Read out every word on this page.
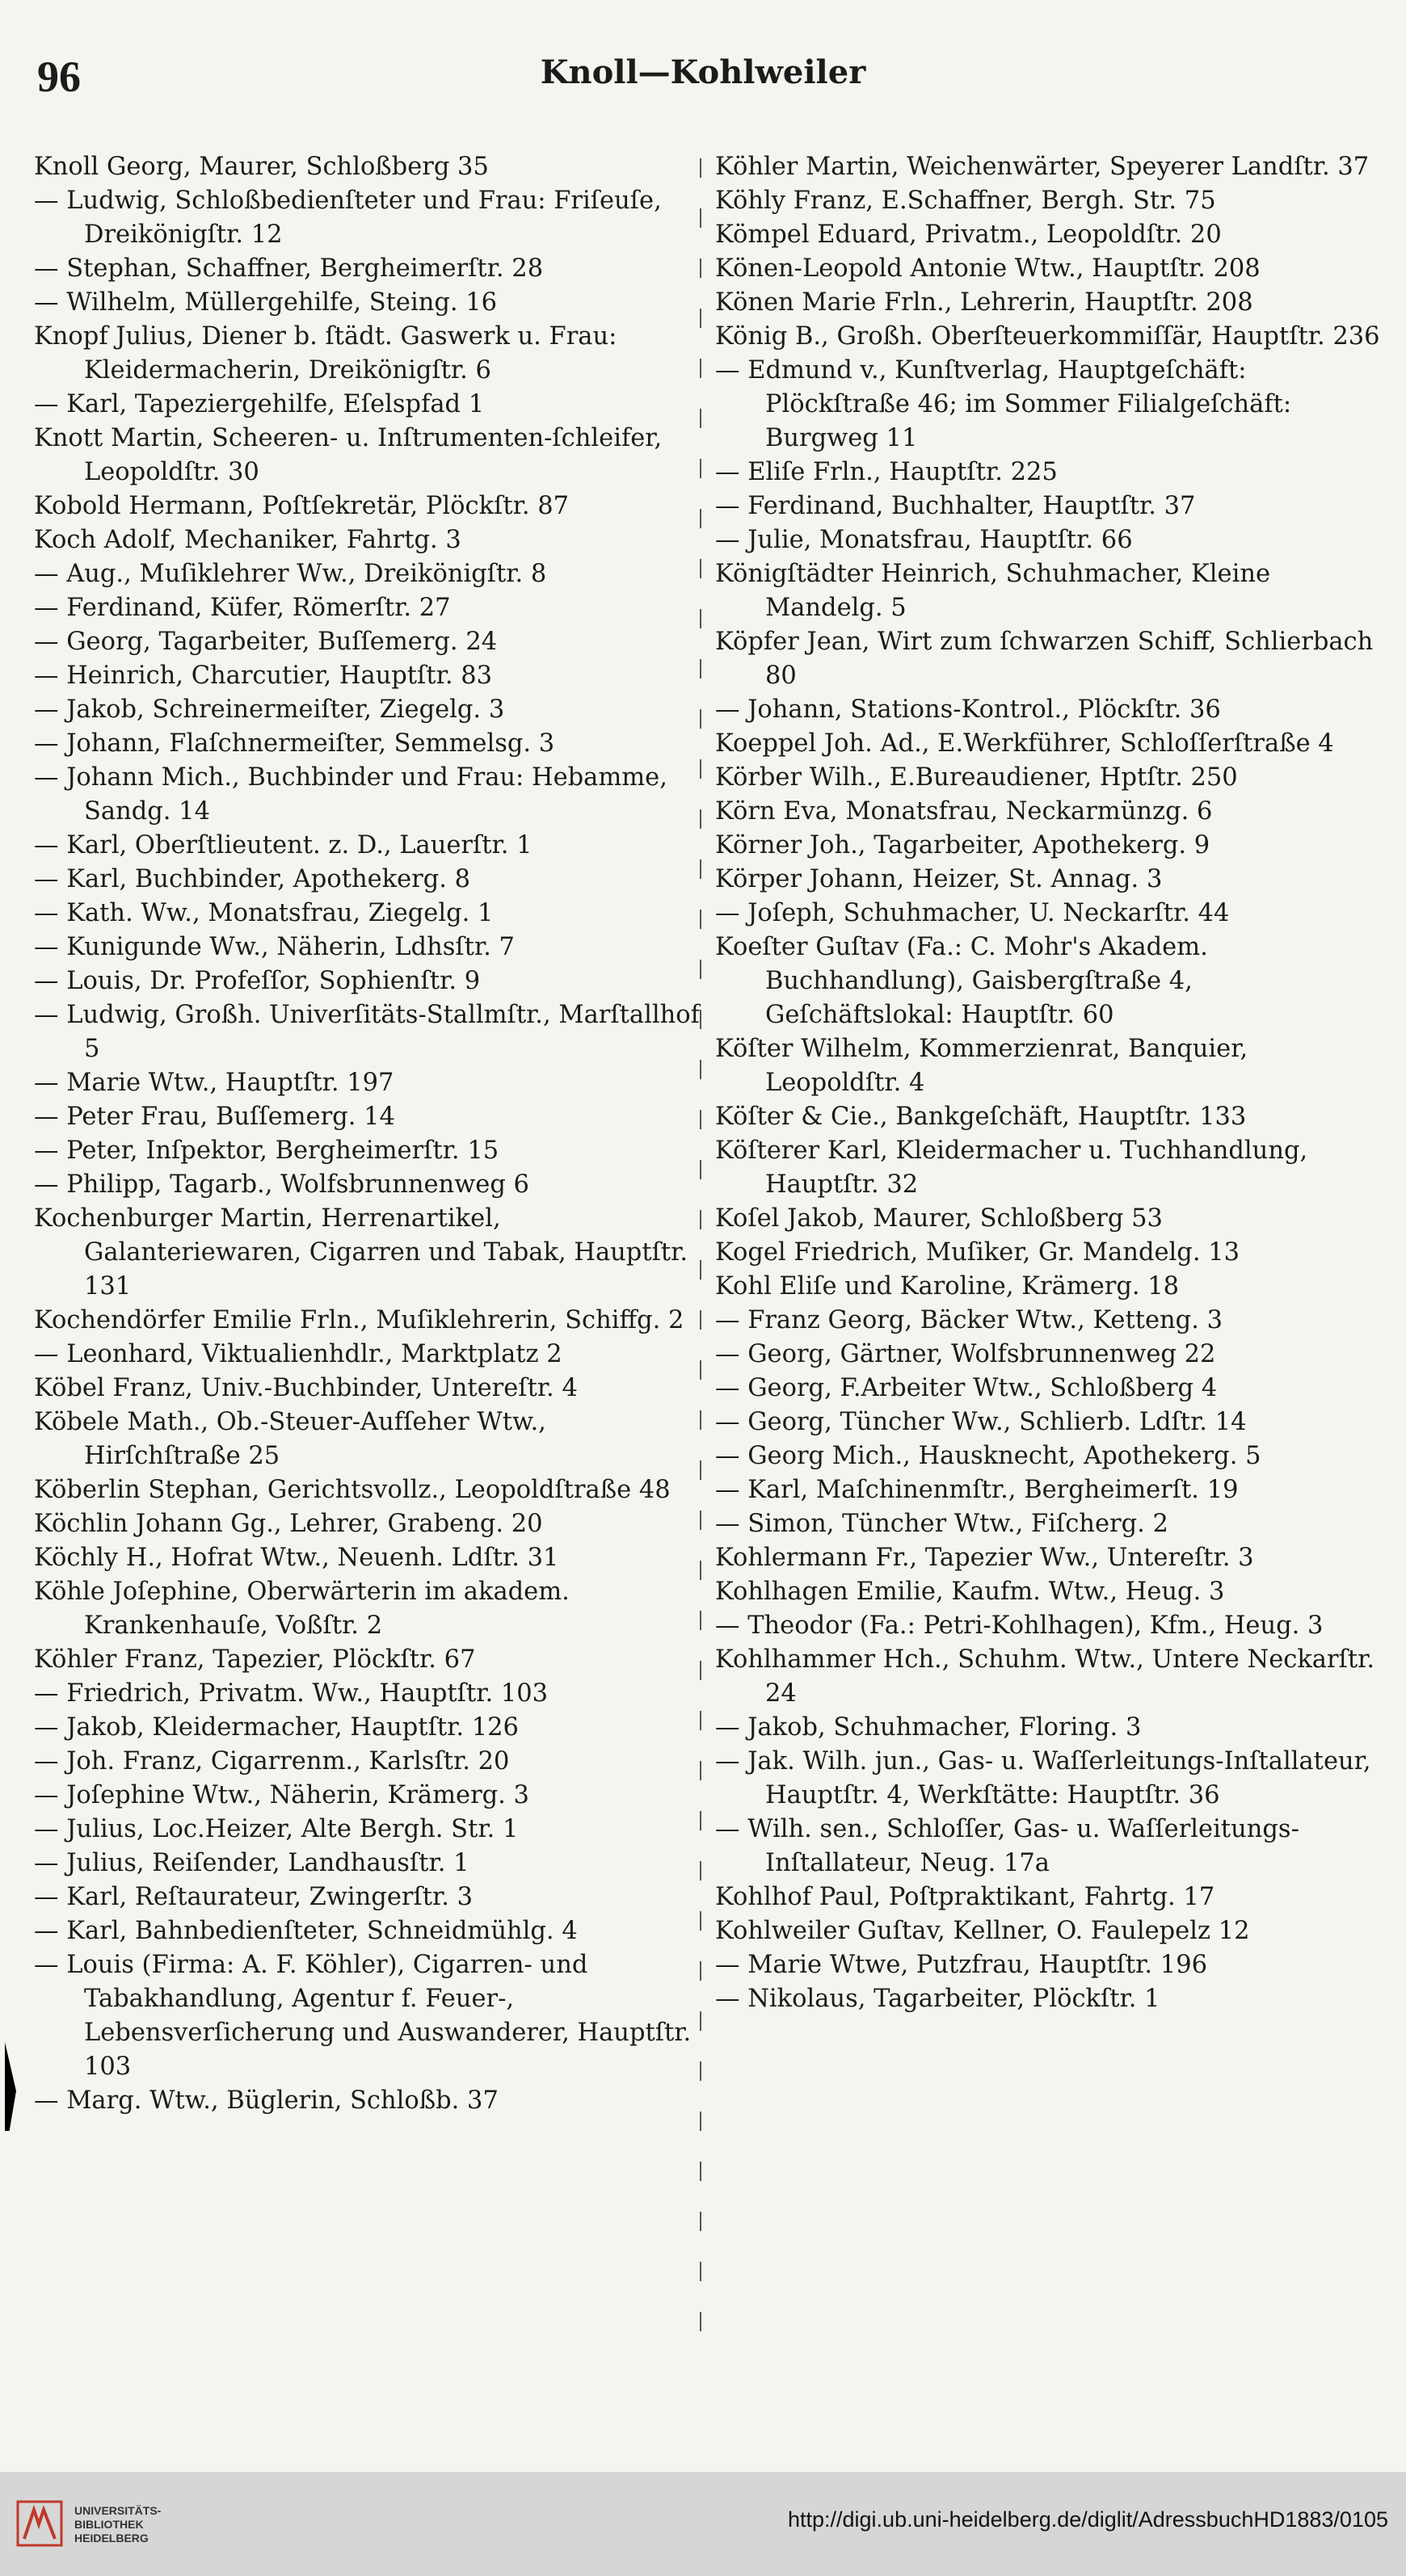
96	Knoll—Kohlweiler

Knoll Georg, Maurer, Schloßberg 35

— Ludwig, Schloßbedienſteter und Frau: Friſeuſe, Dreikönigſtr. 12

— Stephan, Schaffner, Bergheimerſtr. 28

— Wilhelm, Müllergehilfe, Steing. 16

Knopf Julius, Diener b. ſtädt. Gaswerk u. Frau: Kleidermacherin, Dreikönigſtr. 6

— Karl, Tapeziergehilfe, Eſelspfad 1

Knott Martin, Scheeren- u. Inſtrumenten-ſchleifer, Leopoldſtr. 30

Kobold Hermann, Poſtſekretär, Plöckſtr. 87

Koch Adolf, Mechaniker, Fahrtg. 3

— Aug., Muſiklehrer Ww., Dreikönigſtr. 8

— Ferdinand, Küfer, Römerſtr. 27

— Georg, Tagarbeiter, Buſſemerg. 24

— Heinrich, Charcutier, Hauptſtr. 83

— Jakob, Schreinermeiſter, Ziegelg. 3

— Johann, Flaſchnermeiſter, Semmelsg. 3

— Johann Mich., Buchbinder und Frau: Hebamme, Sandg. 14

— Karl, Oberſtlieutent. z. D., Lauerſtr. 1

— Karl, Buchbinder, Apothekerg. 8

— Kath. Ww., Monatsfrau, Ziegelg. 1

— Kunigunde Ww., Näherin, Ldhsſtr. 7

— Louis, Dr. Profeſſor, Sophienſtr. 9

— Ludwig, Großh. Univerſitäts-Stallmſtr., Marſtallhof 5

— Marie Wtw., Hauptſtr. 197

— Peter Frau, Buſſemerg. 14

— Peter, Inſpektor, Bergheimerſtr. 15

— Philipp, Tagarb., Wolfsbrunnenweg 6

Kochenburger Martin, Herrenartikel, Galanteriewaren, Cigarren und Tabak, Hauptſtr. 131

Kochendörfer Emilie Frln., Muſiklehrerin, Schiffg. 2

— Leonhard, Viktualienhdlr., Marktplatz 2

Köbel Franz, Univ.-Buchbinder, Untereſtr. 4

Köbele Math., Ob.-Steuer-Aufſeher Wtw., Hirſchſtraße 25

Köberlin Stephan, Gerichtsvollz., Leopoldſtraße 48

Köchlin Johann Gg., Lehrer, Grabeng. 20

Köchly H., Hofrat Wtw., Neuenh. Ldſtr. 31

Köhle Joſephine, Oberwärterin im akadem. Krankenhauſe, Voßſtr. 2

Köhler Franz, Tapezier, Plöckſtr. 67

— Friedrich, Privatm. Ww., Hauptſtr. 103

— Jakob, Kleidermacher, Hauptſtr. 126

— Joh. Franz, Cigarrenm., Karlsſtr. 20

— Joſephine Wtw., Näherin, Krämerg. 3

— Julius, Loc.Heizer, Alte Bergh. Str. 1

— Julius, Reiſender, Landhausſtr. 1

— Karl, Reſtaurateur, Zwingerſtr. 3

— Karl, Bahnbedienſteter, Schneidmühlg. 4

— Louis (Firma: A. F. Köhler), Cigarren- und Tabakhandlung, Agentur f. Feuer-, Lebensverſicherung und Auswanderer, Hauptſtr. 103

— Marg. Wtw., Büglerin, Schloßb. 37

Köhler Martin, Weichenwärter, Speyerer Landſtr. 37

Köhly Franz, E.Schaffner, Bergh. Str. 75

Kömpel Eduard, Privatm., Leopoldſtr. 20

Könen-Leopold Antonie Wtw., Hauptſtr. 208

Könen Marie Frln., Lehrerin, Hauptſtr. 208

König B., Großh. Oberſteuerkommiſſär, Hauptſtr. 236

— Edmund v., Kunſtverlag, Hauptgeſchäft: Plöckſtraße 46; im Sommer Filialgeſchäft: Burgweg 11

— Eliſe Frln., Hauptſtr. 225

— Ferdinand, Buchhalter, Hauptſtr. 37

— Julie, Monatsfrau, Hauptſtr. 66

Königſtädter Heinrich, Schuhmacher, Kleine Mandelg. 5

Köpfer Jean, Wirt zum ſchwarzen Schiff, Schlierbach 80

— Johann, Stations-Kontrol., Plöckſtr. 36

Koeppel Joh. Ad., E.Werkführer, Schloſſerſtraße 4

Körber Wilh., E.Bureaudiener, Hptſtr. 250

Körn Eva, Monatsfrau, Neckarmünzg. 6

Körner Joh., Tagarbeiter, Apothekerg. 9

Körper Johann, Heizer, St. Annag. 3

— Joſeph, Schuhmacher, U. Neckarſtr. 44

Koeſter Guſtav (Fa.: C. Mohr's Akadem. Buchhandlung), Gaisbergſtraße 4, Geſchäftslokal: Hauptſtr. 60

Köſter Wilhelm, Kommerzienrat, Banquier, Leopoldſtr. 4

Köſter & Cie., Bankgeſchäft, Hauptſtr. 133

Köſterer Karl, Kleidermacher u. Tuchhandlung, Hauptſtr. 32

Koſel Jakob, Maurer, Schloßberg 53

Kogel Friedrich, Muſiker, Gr. Mandelg. 13

Kohl Eliſe und Karoline, Krämerg. 18

— Franz Georg, Bäcker Wtw., Ketteng. 3

— Georg, Gärtner, Wolfsbrunnenweg 22

— Georg, F.Arbeiter Wtw., Schloßberg 4

— Georg, Tüncher Ww., Schlierb. Ldſtr. 14

— Georg Mich., Hausknecht, Apothekerg. 5

— Karl, Maſchinenmſtr., Bergheimerſt. 19

— Simon, Tüncher Wtw., Fiſcherg. 2

Kohlermann Fr., Tapezier Ww., Untereſtr. 3

Kohlhagen Emilie, Kaufm. Wtw., Heug. 3

— Theodor (Fa.: Petri-Kohlhagen), Kfm., Heug. 3

Kohlhammer Hch., Schuhm. Wtw., Untere Neckarſtr. 24

— Jakob, Schuhmacher, Floring. 3

— Jak. Wilh. jun., Gas- u. Waſſerleitungs-Inſtallateur, Hauptſtr. 4, Werkſtätte: Hauptſtr. 36

— Wilh. sen., Schloſſer, Gas- u. Waſſerleitungs-Inſtallateur, Neug. 17a

Kohlhof Paul, Poſtpraktikant, Fahrtg. 17

Kohlweiler Guſtav, Kellner, O. Faulepelz 12

— Marie Wtwe, Putzfrau, Hauptſtr. 196

— Nikolaus, Tagarbeiter, Plöckſtr. 1

UNIVERSITÄTS-
BIBLIOTHEK
HEIDELBERG
http://digi.ub.uni-heidelberg.de/diglit/AdressbuchHD1883/0105
